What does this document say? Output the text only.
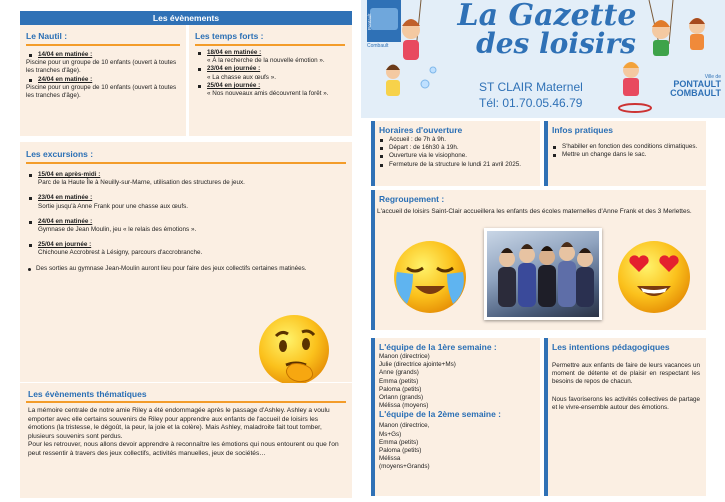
Les évènements
Le Nautil :
14/04 en matinée :
Piscine pour un groupe de 10 enfants (ouvert à toutes les tranches d'âge).
24/04 en matinée :
Piscine pour un groupe de 10 enfants (ouvert à toutes les tranches d'âge).
Les temps forts :
18/04 en matinée :
« À la recherche de la nouvelle émotion ».
23/04 en journée :
« La chasse aux œufs ».
25/04 en journée :
« Nos nouveaux amis découvrent la forêt ».
Les excursions :
15/04 en après-midi :
Parc de la Haute Île à Neuilly-sur-Marne, utilisation des structures de jeux.
23/04 en matinée :
Sortie jusqu'à Anne Frank pour une chasse aux œufs.
24/04 en matinée :
Gymnase de Jean Moulin, jeu « le relais des émotions ».
25/04 en journée :
Chichoune Accrobrest à Lésigny, parcours d'accrobranche.
Des sorties au gymnase Jean-Moulin auront lieu pour faire des jeux collectifs certaines matinées.
Les évènements thématiques

La mémoire centrale de notre amie Riley a été endommagée après le passage d'Ashley. Ashley a voulu emporter avec elle certains souvenirs de Riley pour apprendre aux enfants de l'accueil de loisirs les émotions (la tristesse, le dégoût, la peur, la joie et la colère). Mais Ashley, maladroite fait tout tomber, plusieurs souvenirs sont perdus.

Pour les retrouver, nous allons devoir apprendre à reconnaître les émotions qui nous entourent ou que l'on peut ressentir à travers des jeux collectifs, activités manuelles, jeux de sociétés…

Pontault
Combault
La Gazette
des loisirs
ST CLAIR Maternel
Tél: 01.70.05.46.79
Ville de
PONTAULT
COMBAULT
Horaires d'ouverture
Accueil : de 7h à 9h.
Départ : de 16h30 à 19h.
Ouverture via le visiophone.
Fermeture de la structure le lundi 21 avril 2025.
Infos pratiques
S'habiller en fonction des conditions climatiques.
Mettre un change dans le sac.
Regroupement :

L'accueil de loisirs Saint-Clair accueillera les enfants des écoles maternelles d'Anne Frank et des 3 Merlettes.

L'équipe de la 1ère semaine :
Manon (directrice)
Julie (directrice ajointe+Ms)
Anne (grands)
Emma (petits)
Paloma (petits)
Orlann (grands)
Mélissa (moyens)
L'équipe de la 2ème semaine :
Manon (directrice,
Ms+Gs)
Emma (petits)
Paloma (petits)
Mélissa
(moyens+Grands)
Les intentions pédagogiques

Permettre aux enfants de faire de leurs vacances un moment de détente et de plaisir en respectant les besoins de repos de chacun.

Nous favoriserons les activités collectives de partage et le vivre-ensemble autour des émotions.
